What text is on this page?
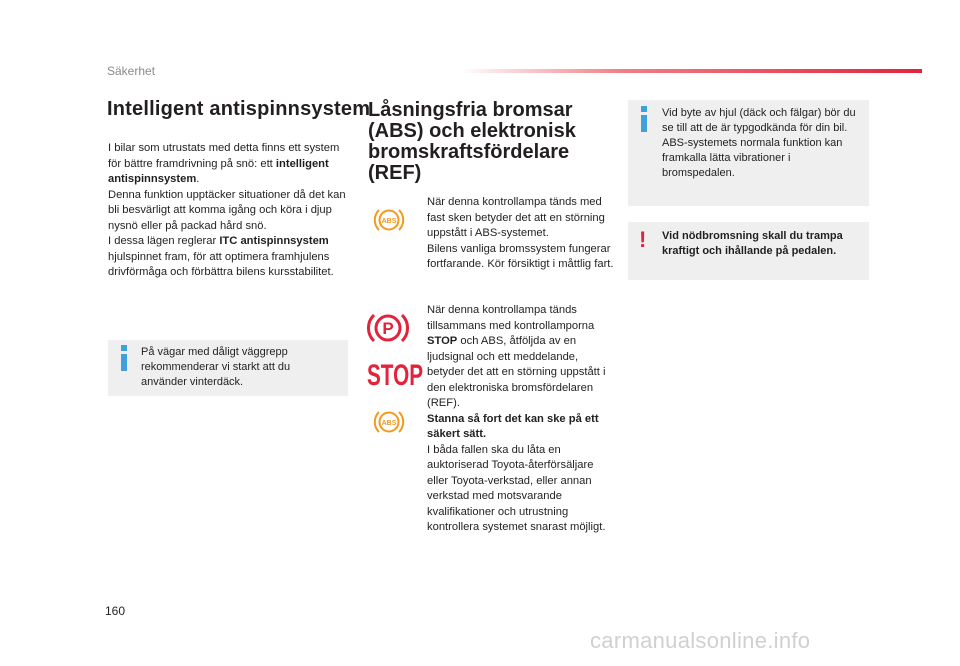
Säkerhet
Intelligent antispinnsystem

I bilar som utrustats med detta finns ett system för bättre framdrivning på snö: ett intelligent antispinnsystem.

Denna funktion upptäcker situationer då det kan bli besvärligt att komma igång och köra i djup nysnö eller på packad hård snö.

I dessa lägen reglerar ITC antispinnsystem hjulspinnet fram, för att optimera framhjulens drivförmåga och förbättra bilens kursstabilitet.

På vägar med dåligt väggrepp rekommenderar vi starkt att du använder vinterdäck.
Låsningsfria bromsar (ABS) och elektronisk bromskraftsfördelare (REF)
ABS

När denna kontrollampa tänds med fast sken betyder det att en störning uppstått i ABS-systemet.

Bilens vanliga bromssystem fungerar fortfarande. Kör försiktigt i måttlig fart.

P
STOP
ABS

När denna kontrollampa tänds tillsammans med kontrollamporna STOP och ABS, åtföljda av en ljudsignal och ett meddelande, betyder det att en störning uppstått i den elektroniska bromsfördelaren (REF).

Stanna så fort det kan ske på ett säkert sätt.

I båda fallen ska du låta en auktoriserad Toyota-återförsäljare eller Toyota-verkstad, eller annan verkstad med motsvarande kvalifikationer och utrustning kontrollera systemet snarast möjligt.

Vid byte av hjul (däck och fälgar) bör du se till att de är typgodkända för din bil. ABS-systemets normala funktion kan framkalla lätta vibrationer i bromspedalen.
! Vid nödbromsning skall du trampa kraftigt och ihållande på pedalen.
160
carmanualsonline.info
